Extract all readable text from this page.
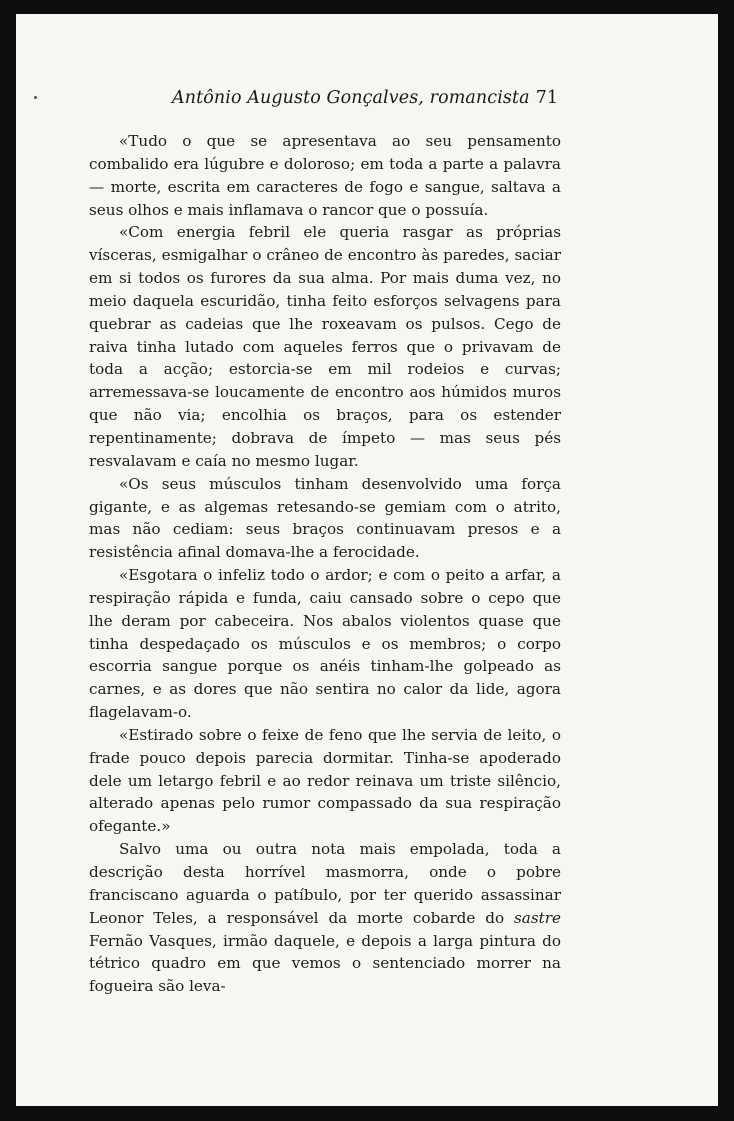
Antônio Augusto Gonçalves, romancista 71

«Tudo o que se apresentava ao seu pensamento combalido era lúgubre e doloroso; em toda a parte a palavra — morte, escrita em caracteres de fogo e sangue, saltava a seus olhos e mais inflamava o rancor que o possuía.

«Com energia febril ele queria rasgar as próprias vísceras, esmigalhar o crâneo de encontro às paredes, saciar em si todos os furores da sua alma. Por mais duma vez, no meio daquela escuridão, tinha feito esforços selvagens para quebrar as cadeias que lhe roxeavam os pulsos. Cego de raiva tinha lutado com aqueles ferros que o privavam de toda a acção; estorcia-se em mil rodeios e curvas; arremessava-se loucamente de encontro aos húmidos muros que não via; encolhia os braços, para os estender repentinamente; dobrava de ímpeto — mas seus pés resvalavam e caía no mesmo lugar.

«Os seus músculos tinham desenvolvido uma força gigante, e as algemas retesando-se gemiam com o atrito, mas não cediam: seus braços continuavam presos e a resistência afinal domava-lhe a ferocidade.

«Esgotara o infeliz todo o ardor; e com o peito a arfar, a respiração rápida e funda, caiu cansado sobre o cepo que lhe deram por cabeceira. Nos abalos violentos quase que tinha despedaçado os músculos e os membros; o corpo escorria sangue porque os anéis tinham-lhe golpeado as carnes, e as dores que não sentira no calor da lide, agora flagelavam-o.

«Estirado sobre o feixe de feno que lhe servia de leito, o frade pouco depois parecia dormitar. Tinha-se apoderado dele um letargo febril e ao redor reinava um triste silêncio, alterado apenas pelo rumor compassado da sua respiração ofegante.»

Salvo uma ou outra nota mais empolada, toda a descrição desta horrível masmorra, onde o pobre franciscano aguarda o patíbulo, por ter querido assassinar Leonor Teles, a responsável da morte cobarde do sastre Fernão Vasques, irmão daquele, e depois a larga pintura do tétrico quadro em que vemos o sentenciado morrer na fogueira são leva-
